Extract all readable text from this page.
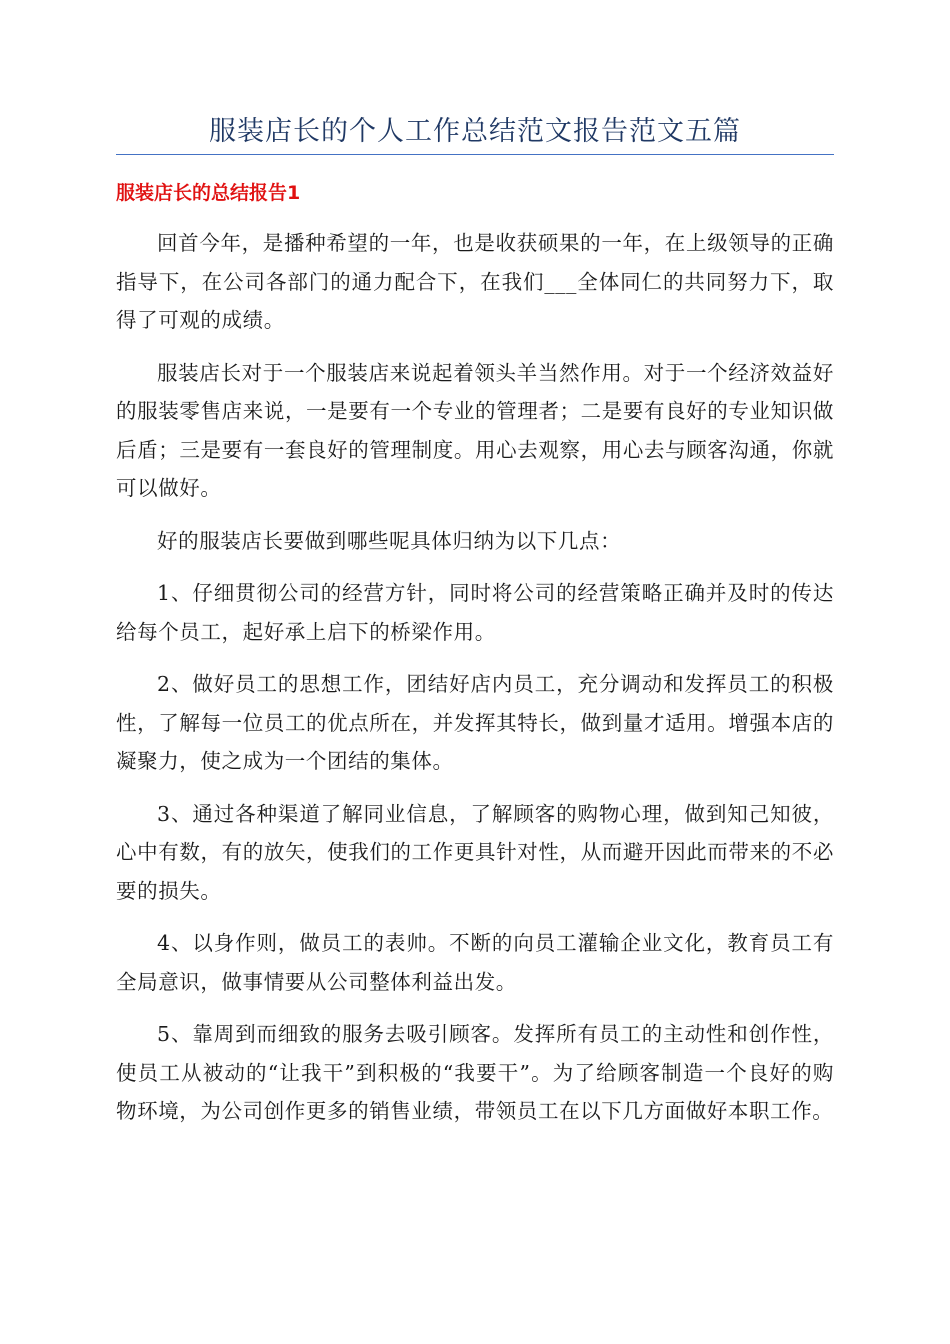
服装店长的个人工作总结范文报告范文五篇
服装店长的总结报告1

回首今年，是播种希望的一年，也是收获硕果的一年，在上级领导的正确指导下，在公司各部门的通力配合下，在我们___全体同仁的共同努力下，取得了可观的成绩。

服装店长对于一个服装店来说起着领头羊当然作用。对于一个经济效益好的服装零售店来说，一是要有一个专业的管理者；二是要有良好的专业知识做后盾；三是要有一套良好的管理制度。用心去观察，用心去与顾客沟通，你就可以做好。

好的服装店长要做到哪些呢具体归纳为以下几点：

1、仔细贯彻公司的经营方针，同时将公司的经营策略正确并及时的传达给每个员工，起好承上启下的桥梁作用。

2、做好员工的思想工作，团结好店内员工，充分调动和发挥员工的积极性，了解每一位员工的优点所在，并发挥其特长，做到量才适用。增强本店的凝聚力，使之成为一个团结的集体。

3、通过各种渠道了解同业信息，了解顾客的购物心理，做到知己知彼，心中有数，有的放矢，使我们的工作更具针对性，从而避开因此而带来的不必要的损失。

4、以身作则，做员工的表帅。不断的向员工灌输企业文化，教育员工有全局意识，做事情要从公司整体利益出发。

5、靠周到而细致的服务去吸引顾客。发挥所有员工的主动性和创作性，使员工从被动的“让我干”到积极的“我要干”。为了给顾客制造一个良好的购物环境，为公司创作更多的销售业绩，带领员工在以下几方面做好本职工作。
